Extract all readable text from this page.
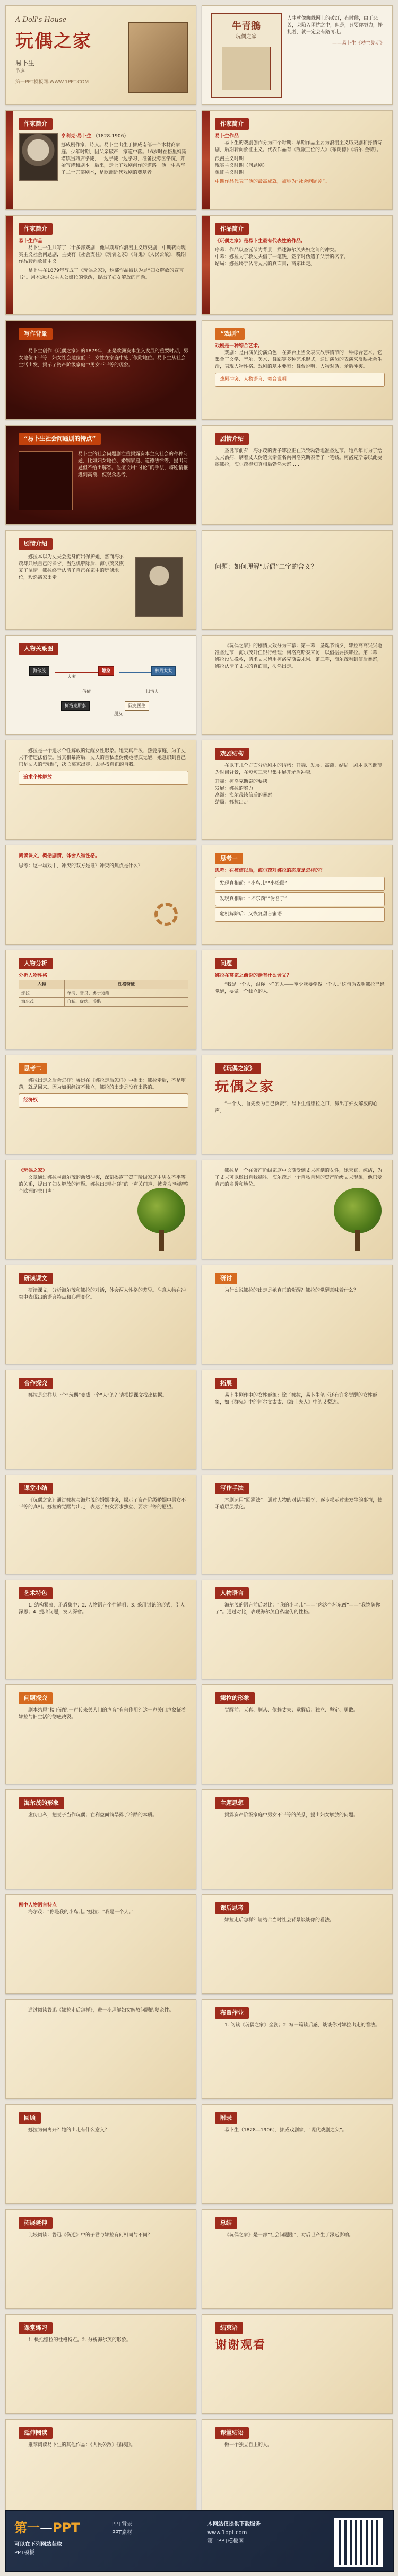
A Doll's House
玩偶之家
易卜生
节选
第一PPT模板网-WWW.1PPT.COM
牛青鵝
玩偶之家
人生就像蜘蛛网上的破灯，有时候，由于悲苦，会陷入困扰之中，但是，只要你努力，挣扎着，就一定会有路可走。
——易卜生《勃兰兑斯》
作家简介
亨利克·易卜生 （1828-1906）
挪威剧作家、诗人。易卜生出生于挪威南部一个木材商家庭。少年时期，因父亲破产，家道中落。16岁时在格里姆斯塔镇当药店学徒，一边学徒一边学习，准备投考医学院，开始写诗和剧本。后来，走上了戏剧创作的道路。他一生共写了二十五部剧本，是欧洲近代戏剧的奠基者。
作家简介
易卜生作品
易卜生的戏剧创作分为四个时期：早期作品主要为浪漫主义历史剧和抒情诗剧，后期转向象征主义。代表作品有《觊觎王位的人》《布朗德》《培尔·金特》。
浪漫主义时期
现实主义时期（问题剧）
象征主义时期
中期作品代表了他的最高成就，被称为“社会问题剧”。
作家简介
易卜生作品
易卜生一生共写了二十多部戏剧，他早期写作浪漫主义历史剧，中期转向现实主义社会问题剧，主要有《社会支柱》《玩偶之家》《群鬼》《人民公敌》，晚期作品转向象征主义。
易卜生在1879年写成了《玩偶之家》，这部作品被认为是“妇女解放的宣言书”。剧本通过女主人公娜拉的觉醒，提出了妇女解放的问题。
作品简介
《玩偶之家》是易卜生最有代表性的作品。
序幕：作品以圣诞节为背景，描述海尔茂夫妇之间的冲突。
中幕：娜拉为了救丈夫借了一笔钱，签字时伪造了父亲的名字。
结局：娜拉终于认清丈夫的真面目，离家出走。
写作背景
易卜生创作《玩偶之家》的1879年，正是欧洲资本主义发展的重要时期，男女地位不平等，妇女社会地位低下，女性在家庭中处于依附地位。易卜生从社会生活出发，揭示了资产阶级家庭中男女不平等的现象。
“戏剧”
戏剧是一种综合艺术。
戏剧：是由演员扮演角色，在舞台上当众表演故事情节的一种综合艺术。它集合了文学、音乐、美术、舞蹈等多种艺术形式，通过演员的表演来反映社会生活，表现人物性格。戏剧的基本要素：舞台说明、人物对话、矛盾冲突。
戏剧冲突、人物语言、舞台说明
“易卜生社会问题剧的特点”
易卜生的社会问题剧注重揭露资本主义社会的种种问题，比如妇女地位、婚姻家庭、道德法律等，提出问题但不给出解答。他擅长用“讨论”的手法，将剧情推进到高潮，使观众思考。
剧情介绍
圣诞节前夕，海尔茂的妻子娜拉正在兴致勃勃地准备过节。她八年前为了给丈夫治病，瞒着丈夫伪造父亲签名向柯洛克斯泰借了一笔钱。柯洛克斯泰以此要挟娜拉，海尔茂得知真相后勃然大怒……
剧情介绍
娜拉本以为丈夫会挺身而出保护她，然而海尔茂却只顾自己的名誉。当危机解除后，海尔茂又恢复了温情。娜拉终于认清了自己在家中的玩偶地位，毅然离家出走。
问题：如何理解“玩偶”二字的含义？
人物关系图
海尔茂	娜拉	林丹太太
柯洛克斯泰	阮克医生
夫妻
借债	旧情人
朋友
《玩偶之家》的剧情大致分为三幕：第一幕，圣诞节前夕，娜拉高高兴兴地准备过节，海尔茂升任银行经理；柯洛克斯泰来访，以借据要挟娜拉。第二幕，娜拉设法挽救，请求丈夫留用柯洛克斯泰未果。第三幕，海尔茂看到信后暴怒，娜拉认清了丈夫的真面目，决然出走。
娜拉是一个追求个性解放的觉醒女性形象。她天真活泼、热爱家庭，为了丈夫不惜违法借债。当真相暴露后，丈夫的自私虚伪使她彻底觉醒，她意识到自己只是丈夫的“玩偶”，决心离家出走，去寻找真正的自我。
追求个性解放
戏剧结构
在以下几个方面分析剧本的结构：开端、发展、高潮、结局。剧本以圣诞节为时间背景，在短短三天里集中展开矛盾冲突。
开端：柯洛克斯泰的要挟
发展：娜拉的努力
高潮：海尔茂读信后的暴怒
结局：娜拉出走
阅读课文，概括剧情，体会人物性格。
思考：这一场戏中，冲突的双方是谁？冲突的焦点是什么？
思考一
思考：在被信以后，海尔茂对娜拉的态度是怎样的？
发现真相前：“小鸟儿”“小松鼠”
发现真相后：“坏东西”“伪君子”
危机解除后：又恢复甜言蜜语
人物分析
分析人物性格
人物	性格特征
娜拉	单纯、善良、勇于觉醒
海尔茂	自私、虚伪、冷酷
问题
娜拉在离家之前说的话有什么含义？
“我是一个人，跟你一样的人——至少我要学做一个人。”这句话表明娜拉已经觉醒，要做一个独立的人。
思考二
娜拉出走之后会怎样？鲁迅在《娜拉走后怎样》中提出：娜拉走后，不是堕落，就是回来。因为如果经济不独立，娜拉的出走是没有出路的。
经济权
《玩偶之家》
玩偶之家
“一个人，首先要为自己负责”，易卜生借娜拉之口，喊出了妇女解放的心声。
《玩偶之家》
文章通过娜拉与海尔茂的激烈冲突，深刻揭露了资产阶级家庭中男女不平等的关系，提出了妇女解放的问题。娜拉出走时“砰”的一声关门声，被誉为“响彻整个欧洲的关门声”。
娜拉是一个在资产阶级家庭中长期受到丈夫控制的女性，她天真、纯洁，为了丈夫可以做出自我牺牲。海尔茂是一个自私自利的资产阶级丈夫形象，他只爱自己的名誉和地位。
研读课文
研读课文，分析海尔茂和娜拉的对话，体会两人性格的差异。注意人物在冲突中表现出的语言特点和心理变化。
研讨
为什么说娜拉的出走是她真正的觉醒？娜拉的觉醒意味着什么？
合作探究
娜拉是怎样从一个“玩偶”变成一个“人”的？请根据课文找出依据。
拓展
易卜生剧作中的女性形象：除了娜拉，易卜生笔下还有许多觉醒的女性形象，如《群鬼》中的阿尔文太太、《海上夫人》中的艾梨达。
课堂小结
《玩偶之家》通过娜拉与海尔茂的婚姻冲突，揭示了资产阶级婚姻中男女不平等的真相。娜拉的觉醒与出走，表达了妇女要求独立、要求平等的愿望。
写作手法
本剧运用“回溯法”：通过人物的对话与回忆，逐步揭示过去发生的事情，使矛盾层层激化。
艺术特色
1. 结构紧凑，矛盾集中；2. 人物语言个性鲜明；3. 采用讨论的形式，引人深思；4. 提出问题，发人深省。
人物语言
海尔茂的语言前后对比：“我的小鸟儿”——“你这个坏东西”——“我饶恕你了”。通过对比，表现海尔茂自私虚伪的性格。
问题探究
剧本结尾“楼下砰的一声传来关大门的声音”有何作用？这一声关门声象征着娜拉与旧生活的彻底决裂。
娜拉的形象
觉醒前：天真、顺从、依赖丈夫；觉醒后：独立、坚定、勇敢。
海尔茂的形象
虚伪自私，把妻子当作玩偶；在利益面前暴露了冷酷的本质。
主题思想
揭露资产阶级家庭中男女不平等的关系，提出妇女解放的问题。
剧中人物语言特点
海尔茂：“你是我的小鸟儿。”娜拉：“我是一个人。”
课后思考
娜拉走后怎样？请结合当时社会背景谈谈你的看法。
通过阅读鲁迅《娜拉走后怎样》，进一步理解妇女解放问题的复杂性。	布置作业
1. 阅读《玩偶之家》全剧；2. 写一篇读后感，谈谈你对娜拉出走的看法。
回顾
娜拉为何离开？她的出走有什么意义？
附录
易卜生（1828—1906），挪威戏剧家，“现代戏剧之父”。
拓展延伸
比较阅读：鲁迅《伤逝》中的子君与娜拉有何相同与不同？
总结
《玩偶之家》是一部“社会问题剧”，对后世产生了深远影响。
课堂练习
1. 概括娜拉的性格特点。2. 分析海尔茂的形象。
结束语
谢谢观看
延伸阅读
推荐阅读易卜生的其他作品：《人民公敌》《群鬼》。
课堂结语
做一个独立自主的人。
第一—PPT
可以在下列网站获取
PPT模板
PPT背景
PPT素材
本网站仅提供下载服务
www.1ppt.com
第一PPT模板网
